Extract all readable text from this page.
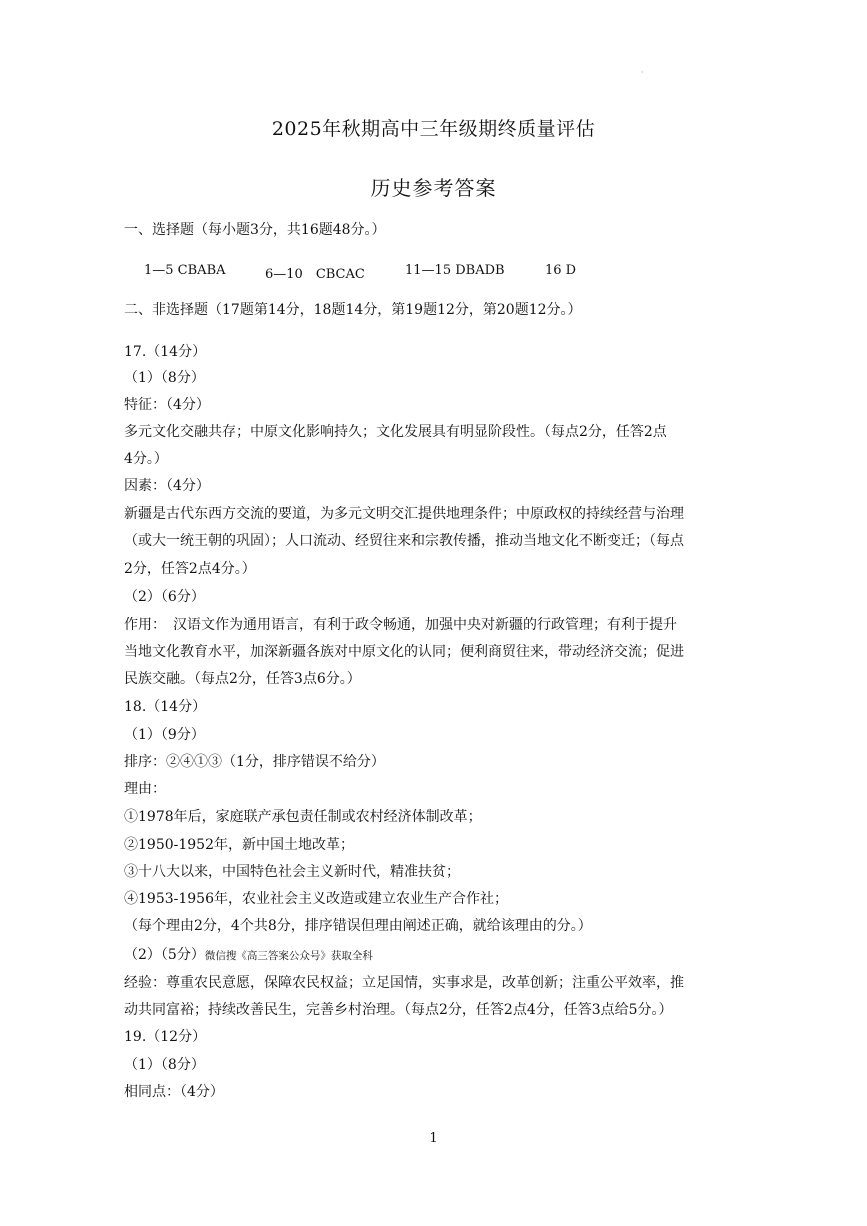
·
2025年秋期高中三年级期终质量评估
历史参考答案
一、选择题（每小题3分，共16题48分。）
1—5 CBABA	6—10　CBCAC	11—15 DBADB	16 D
二、非选择题（17题第14分，18题14分，第19题12分，第20题12分。）
17.（14分）
（1）（8分）
特征：（4分）
多元文化交融共存；中原文化影响持久；文化发展具有明显阶段性。（每点2分，任答2点
4分。）
因素：（4分）
新疆是古代东西方交流的要道，为多元文明交汇提供地理条件；中原政权的持续经营与治理
（或大一统王朝的巩固）；人口流动、经贸往来和宗教传播，推动当地文化不断变迁；（每点
2分，任答2点4分。）
（2）（6分）
作用：　汉语文作为通用语言，有利于政令畅通，加强中央对新疆的行政管理；有利于提升
当地文化教育水平，加深新疆各族对中原文化的认同；便利商贸往来，带动经济交流；促进
民族交融。（每点2分，任答3点6分。）
18.（14分）
（1）（9分）
排序：②④①③（1分，排序错误不给分）
理由：
①1978年后，家庭联产承包责任制或农村经济体制改革；
②1950-1952年，新中国土地改革；
③十八大以来，中国特色社会主义新时代，精准扶贫；
④1953-1956年，农业社会主义改造或建立农业生产合作社；
（每个理由2分，4个共8分，排序错误但理由阐述正确，就给该理由的分。）
（2）（5分）微信搜《高三答案公众号》获取全科
经验：尊重农民意愿，保障农民权益；立足国情，实事求是，改革创新；注重公平效率，推
动共同富裕；持续改善民生，完善乡村治理。（每点2分，任答2点4分，任答3点给5分。）
19.（12分）
（1）（8分）
相同点：（4分）
1
